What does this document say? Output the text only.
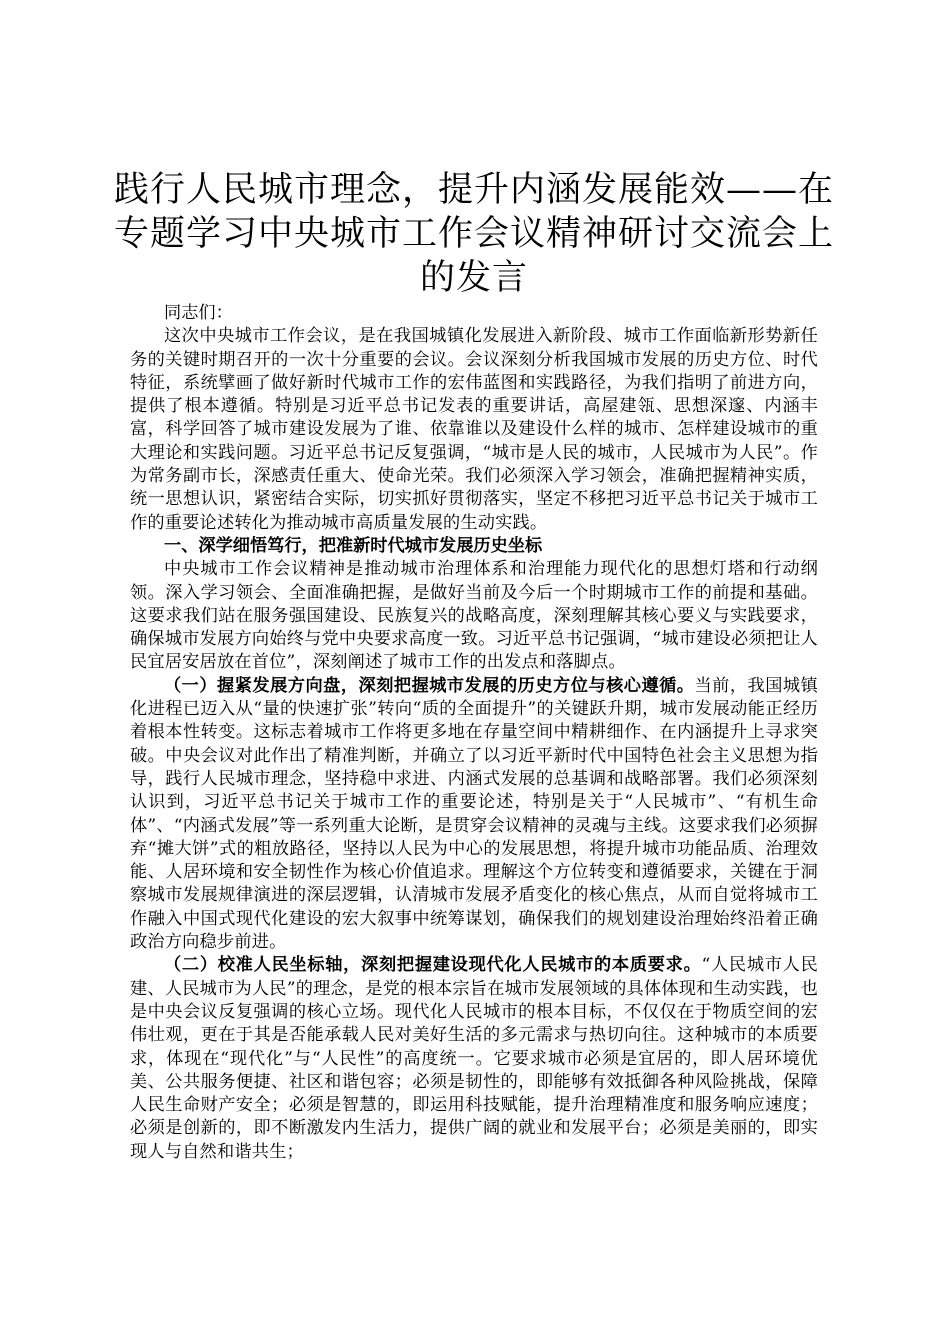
践行人民城市理念，提升内涵发展能效——在专题学习中央城市工作会议精神研讨交流会上的发言

同志们：

这次中央城市工作会议，是在我国城镇化发展进入新阶段、城市工作面临新形势新任务的关键时期召开的一次十分重要的会议。会议深刻分析我国城市发展的历史方位、时代特征，系统擘画了做好新时代城市工作的宏伟蓝图和实践路径，为我们指明了前进方向，提供了根本遵循。特别是习近平总书记发表的重要讲话，高屋建瓴、思想深邃、内涵丰富，科学回答了城市建设发展为了谁、依靠谁以及建设什么样的城市、怎样建设城市的重大理论和实践问题。习近平总书记反复强调，“城市是人民的城市，人民城市为人民”。作为常务副市长，深感责任重大、使命光荣。我们必须深入学习领会，准确把握精神实质，统一思想认识，紧密结合实际，切实抓好贯彻落实，坚定不移把习近平总书记关于城市工作的重要论述转化为推动城市高质量发展的生动实践。

一、深学细悟笃行，把准新时代城市发展历史坐标

中央城市工作会议精神是推动城市治理体系和治理能力现代化的思想灯塔和行动纲领。深入学习领会、全面准确把握，是做好当前及今后一个时期城市工作的前提和基础。这要求我们站在服务强国建设、民族复兴的战略高度，深刻理解其核心要义与实践要求，确保城市发展方向始终与党中央要求高度一致。习近平总书记强调，“城市建设必须把让人民宜居安居放在首位”，深刻阐述了城市工作的出发点和落脚点。

（一）握紧发展方向盘，深刻把握城市发展的历史方位与核心遵循。当前，我国城镇化进程已迈入从“量的快速扩张”转向“质的全面提升”的关键跃升期，城市发展动能正经历着根本性转变。这标志着城市工作将更多地在存量空间中精耕细作、在内涵提升上寻求突破。中央会议对此作出了精准判断，并确立了以习近平新时代中国特色社会主义思想为指导，践行人民城市理念，坚持稳中求进、内涵式发展的总基调和战略部署。我们必须深刻认识到，习近平总书记关于城市工作的重要论述，特别是关于“人民城市”、“有机生命体”、“内涵式发展”等一系列重大论断，是贯穿会议精神的灵魂与主线。这要求我们必须摒弃“摊大饼”式的粗放路径，坚持以人民为中心的发展思想，将提升城市功能品质、治理效能、人居环境和安全韧性作为核心价值追求。理解这个方位转变和遵循要求，关键在于洞察城市发展规律演进的深层逻辑，认清城市发展矛盾变化的核心焦点，从而自觉将城市工作融入中国式现代化建设的宏大叙事中统筹谋划，确保我们的规划建设治理始终沿着正确政治方向稳步前进。

（二）校准人民坐标轴，深刻把握建设现代化人民城市的本质要求。“人民城市人民建、人民城市为人民”的理念，是党的根本宗旨在城市发展领域的具体体现和生动实践，也是中央会议反复强调的核心立场。现代化人民城市的根本目标，不仅仅在于物质空间的宏伟壮观，更在于其是否能承载人民对美好生活的多元需求与热切向往。这种城市的本质要求，体现在“现代化”与“人民性”的高度统一。它要求城市必须是宜居的，即人居环境优美、公共服务便捷、社区和谐包容；必须是韧性的，即能够有效抵御各种风险挑战，保障人民生命财产安全；必须是智慧的，即运用科技赋能，提升治理精准度和服务响应速度；必须是创新的，即不断激发内生活力，提供广阔的就业和发展平台；必须是美丽的，即实现人与自然和谐共生；
